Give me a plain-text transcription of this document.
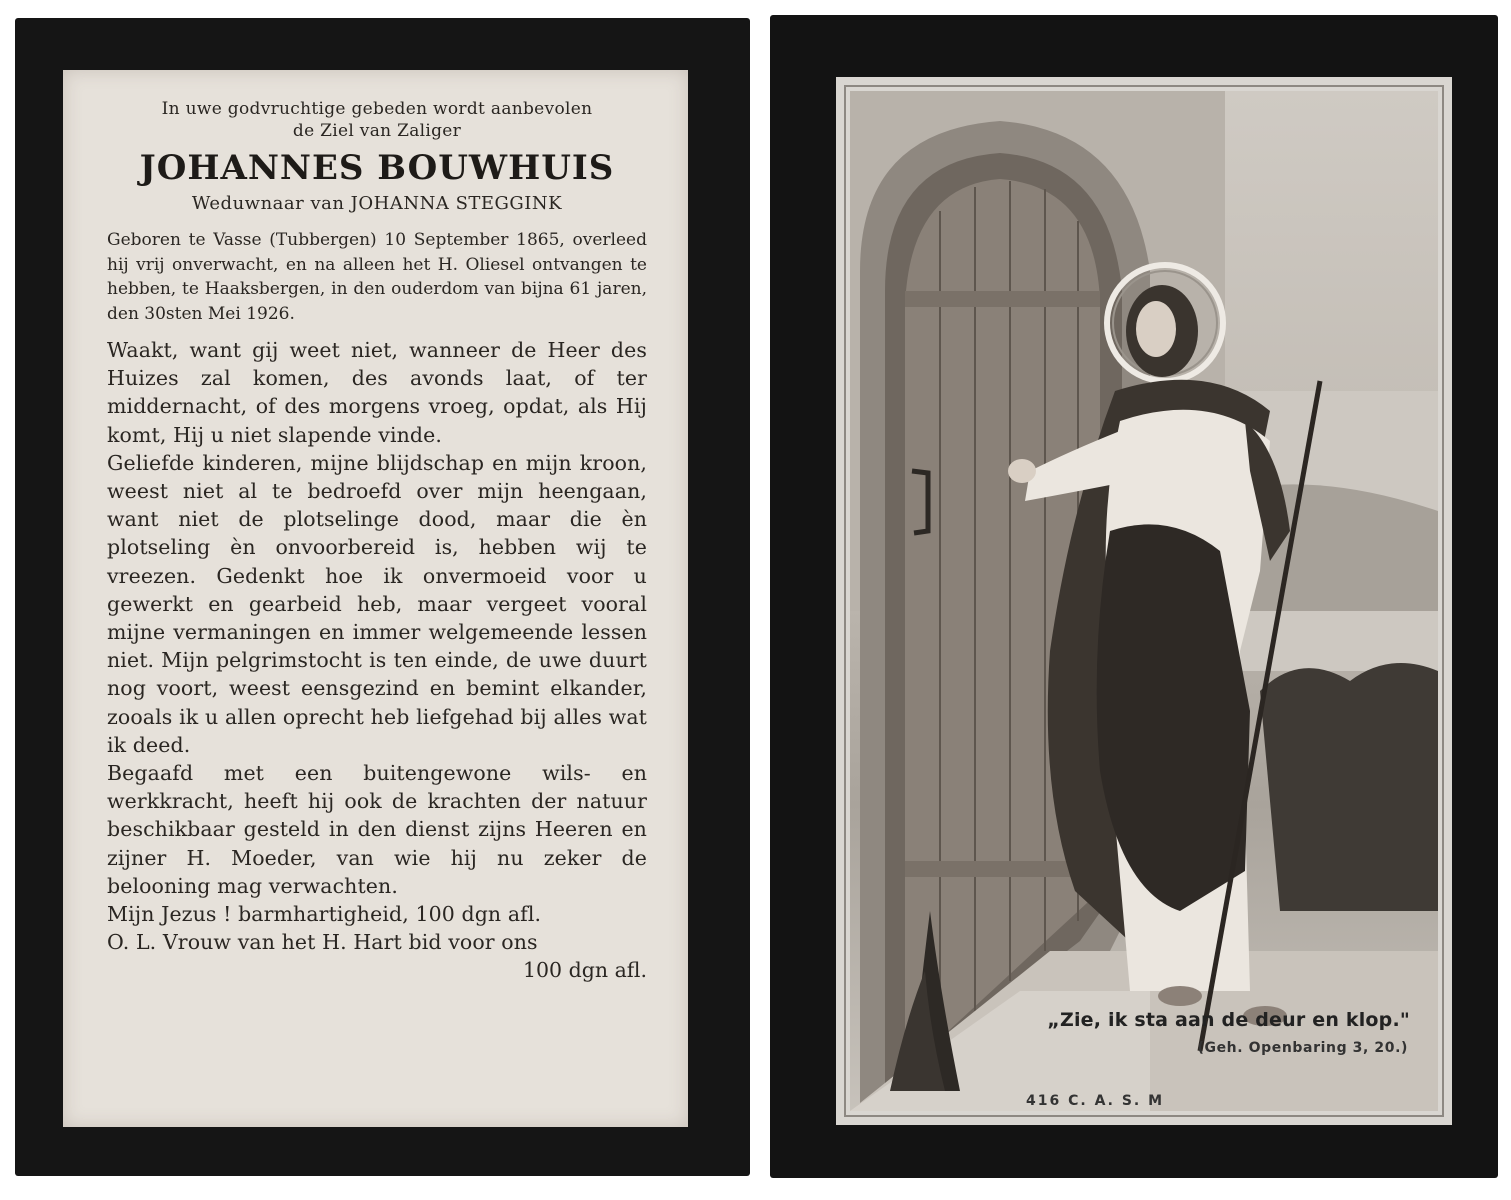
In uwe godvruchtige gebeden wordt aanbevolen
de Ziel van Zaliger
JOHANNES BOUWHUIS
Weduwnaar van JOHANNA STEGGINK
Geboren te Vasse (Tubbergen) 10 September 1865, overleed hij vrij onverwacht, en na alleen het H. Oliesel ontvangen te hebben, te Haaksbergen, in den ouderdom van bijna 61 jaren, den 30sten Mei 1926.
Waakt, want gij weet niet, wanneer de Heer des Huizes zal komen, des avonds laat, of ter middernacht, of des morgens vroeg, opdat, als Hij komt, Hij u niet slapende vinde.
Geliefde kinderen, mijne blijdschap en mijn kroon, weest niet al te bedroefd over mijn heengaan, want niet de plotselinge dood, maar die èn plotseling èn onvoorbereid is, hebben wij te vreezen. Gedenkt hoe ik onvermoeid voor u gewerkt en gearbeid heb, maar vergeet vooral mijne vermaningen en immer welgemeende lessen niet. Mijn pelgrimstocht is ten einde, de uwe duurt nog voort, weest eensgezind en bemint elkander, zooals ik u allen oprecht heb liefgehad bij alles wat ik deed.
Begaafd met een buitengewone wils- en werkkracht, heeft hij ook de krachten der natuur beschikbaar gesteld in den dienst zijns Heeren en zijner H. Moeder, van wie hij nu zeker de belooning mag verwachten.
Mijn Jezus ! barmhartigheid, 100 dgn afl.
O. L. Vrouw van het H. Hart bid voor ons
100 dgn afl.
„Zie, ik sta aan de deur en klop."
(Geh. Openbaring 3, 20.)
416 C. A. S. M
